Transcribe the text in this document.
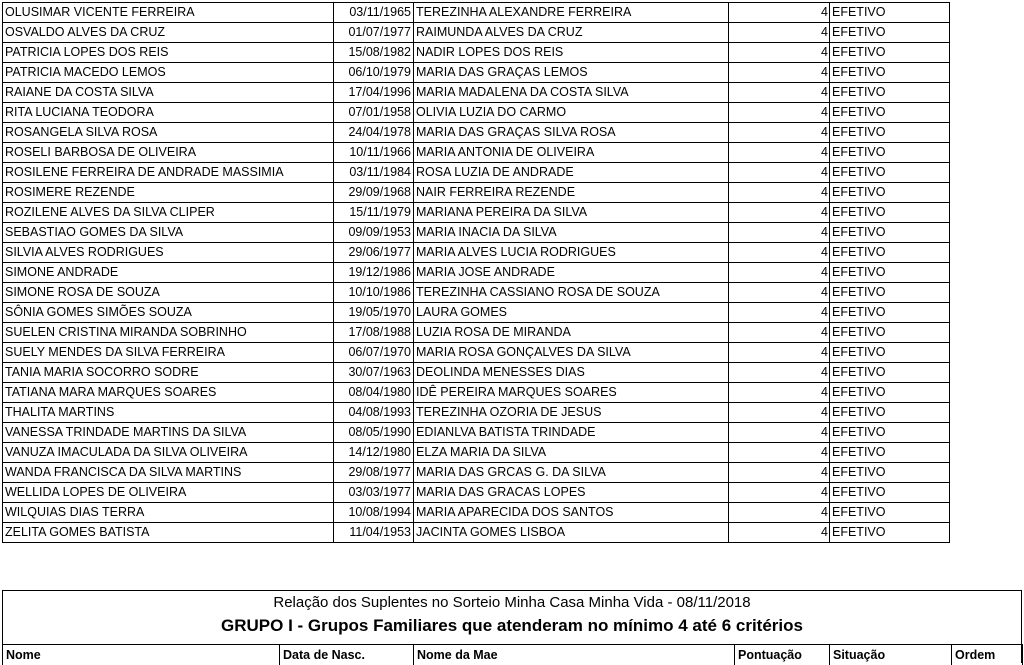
OLUSIMAR VICENTE FERREIRA	03/11/1965	TEREZINHA ALEXANDRE FERREIRA	4	EFETIVO
OSVALDO ALVES DA CRUZ	01/07/1977	RAIMUNDA ALVES DA CRUZ	4	EFETIVO
PATRICIA LOPES DOS REIS	15/08/1982	NADIR LOPES DOS REIS	4	EFETIVO
PATRICIA MACEDO LEMOS	06/10/1979	MARIA DAS GRAÇAS LEMOS	4	EFETIVO
RAIANE DA COSTA SILVA	17/04/1996	MARIA MADALENA DA COSTA SILVA	4	EFETIVO
RITA LUCIANA TEODORA	07/01/1958	OLIVIA LUZIA DO CARMO	4	EFETIVO
ROSANGELA SILVA ROSA	24/04/1978	MARIA DAS GRAÇAS SILVA ROSA	4	EFETIVO
ROSELI BARBOSA DE OLIVEIRA	10/11/1966	MARIA ANTONIA DE OLIVEIRA	4	EFETIVO
ROSILENE FERREIRA DE ANDRADE MASSIMIA	03/11/1984	ROSA LUZIA DE ANDRADE	4	EFETIVO
ROSIMERE REZENDE	29/09/1968	NAIR FERREIRA REZENDE	4	EFETIVO
ROZILENE ALVES DA SILVA CLIPER	15/11/1979	MARIANA PEREIRA DA SILVA	4	EFETIVO
SEBASTIAO GOMES DA SILVA	09/09/1953	MARIA INACIA DA SILVA	4	EFETIVO
SILVIA ALVES RODRIGUES	29/06/1977	MARIA ALVES LUCIA RODRIGUES	4	EFETIVO
SIMONE ANDRADE	19/12/1986	MARIA JOSE ANDRADE	4	EFETIVO
SIMONE ROSA DE SOUZA	10/10/1986	TEREZINHA CASSIANO ROSA DE SOUZA	4	EFETIVO
SÔNIA GOMES SIMÕES SOUZA	19/05/1970	LAURA GOMES	4	EFETIVO
SUELEN CRISTINA MIRANDA SOBRINHO	17/08/1988	LUZIA ROSA DE MIRANDA	4	EFETIVO
SUELY MENDES DA SILVA FERREIRA	06/07/1970	MARIA ROSA GONÇALVES DA SILVA	4	EFETIVO
TANIA MARIA SOCORRO SODRE	30/07/1963	DEOLINDA MENESSES DIAS	4	EFETIVO
TATIANA MARA MARQUES SOARES	08/04/1980	IDÊ PEREIRA MARQUES SOARES	4	EFETIVO
THALITA MARTINS	04/08/1993	TEREZINHA OZORIA DE JESUS	4	EFETIVO
VANESSA TRINDADE MARTINS DA SILVA	08/05/1990	EDIANLVA BATISTA TRINDADE	4	EFETIVO
VANUZA IMACULADA DA SILVA OLIVEIRA	14/12/1980	ELZA MARIA DA SILVA	4	EFETIVO
WANDA FRANCISCA DA SILVA MARTINS	29/08/1977	MARIA DAS GRCAS G. DA SILVA	4	EFETIVO
WELLIDA LOPES DE OLIVEIRA	03/03/1977	MARIA DAS GRACAS LOPES	4	EFETIVO
WILQUIAS DIAS TERRA	10/08/1994	MARIA APARECIDA DOS SANTOS	4	EFETIVO
ZELITA GOMES BATISTA	11/04/1953	JACINTA GOMES LISBOA	4	EFETIVO
Relação dos Suplentes no Sorteio Minha Casa Minha Vida - 08/11/2018
GRUPO I - Grupos Familiares que atenderam no mínimo 4 até 6 critérios
Nome	Data de Nasc.	Nome da Mae	Pontuação	Situação	Ordem
